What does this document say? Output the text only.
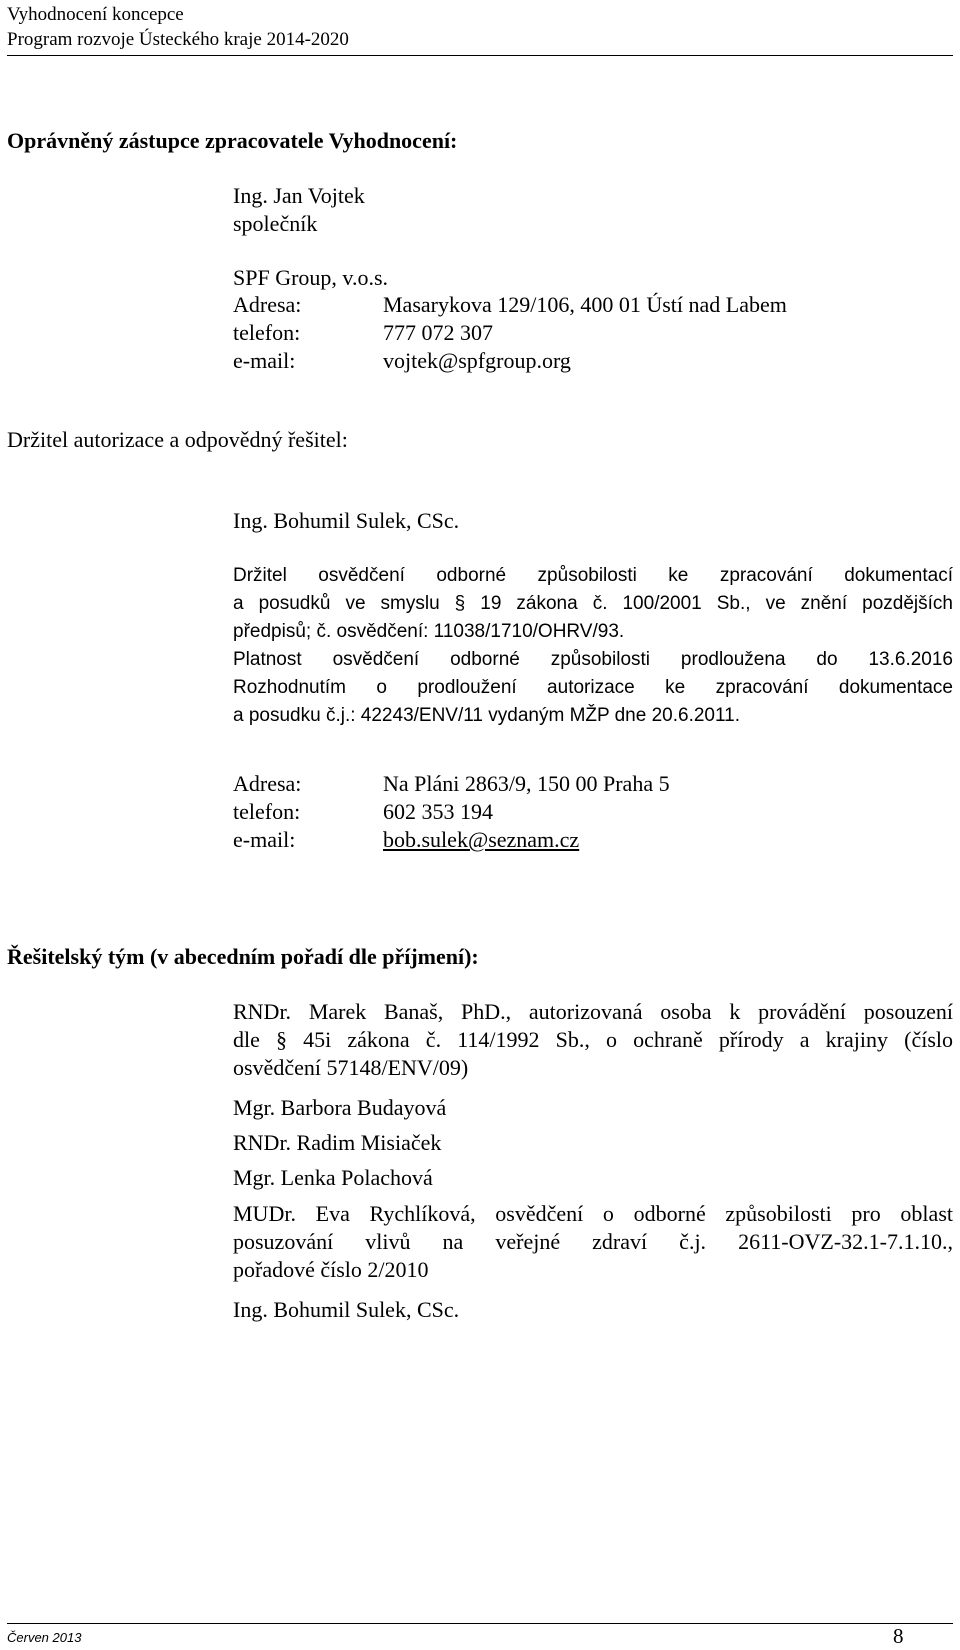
Vyhodnocení koncepce
Program rozvoje Ústeckého kraje 2014-2020
Oprávněný zástupce zpracovatele Vyhodnocení:
Ing. Jan Vojtek
společník
SPF Group, v.o.s.
Adresa:	Masarykova 129/106, 400 01 Ústí nad Labem
telefon:	777 072 307
e-mail:	vojtek@spfgroup.org
Držitel autorizace a odpovědný řešitel:
Ing. Bohumil Sulek, CSc.
Držitel osvědčení odborné způsobilosti ke zpracování dokumentací
a posudků ve smyslu § 19 zákona č. 100/2001 Sb., ve znění pozdějších
předpisů; č. osvědčení: 11038/1710/OHRV/93.
Platnost osvědčení odborné způsobilosti prodloužena do 13.6.2016
Rozhodnutím o prodloužení autorizace ke zpracování dokumentace
a posudku č.j.: 42243/ENV/11 vydaným MŽP dne 20.6.2011.
Adresa:	Na Pláni 2863/9, 150 00 Praha 5
telefon:	602 353 194
e-mail:	bob.sulek@seznam.cz
Řešitelský tým (v abecedním pořadí dle příjmení):
RNDr. Marek Banaš, PhD., autorizovaná osoba k provádění posouzení
dle § 45i zákona č. 114/1992 Sb., o ochraně přírody a krajiny (číslo
osvědčení 57148/ENV/09)
Mgr. Barbora Budayová
RNDr. Radim Misiaček
Mgr. Lenka Polachová
MUDr. Eva Rychlíková, osvědčení o odborné způsobilosti pro oblast
posuzování vlivů na veřejné zdraví č.j. 2611-OVZ-32.1-7.1.10.,
pořadové číslo 2/2010
Ing. Bohumil Sulek, CSc.
Červen 2013	8
